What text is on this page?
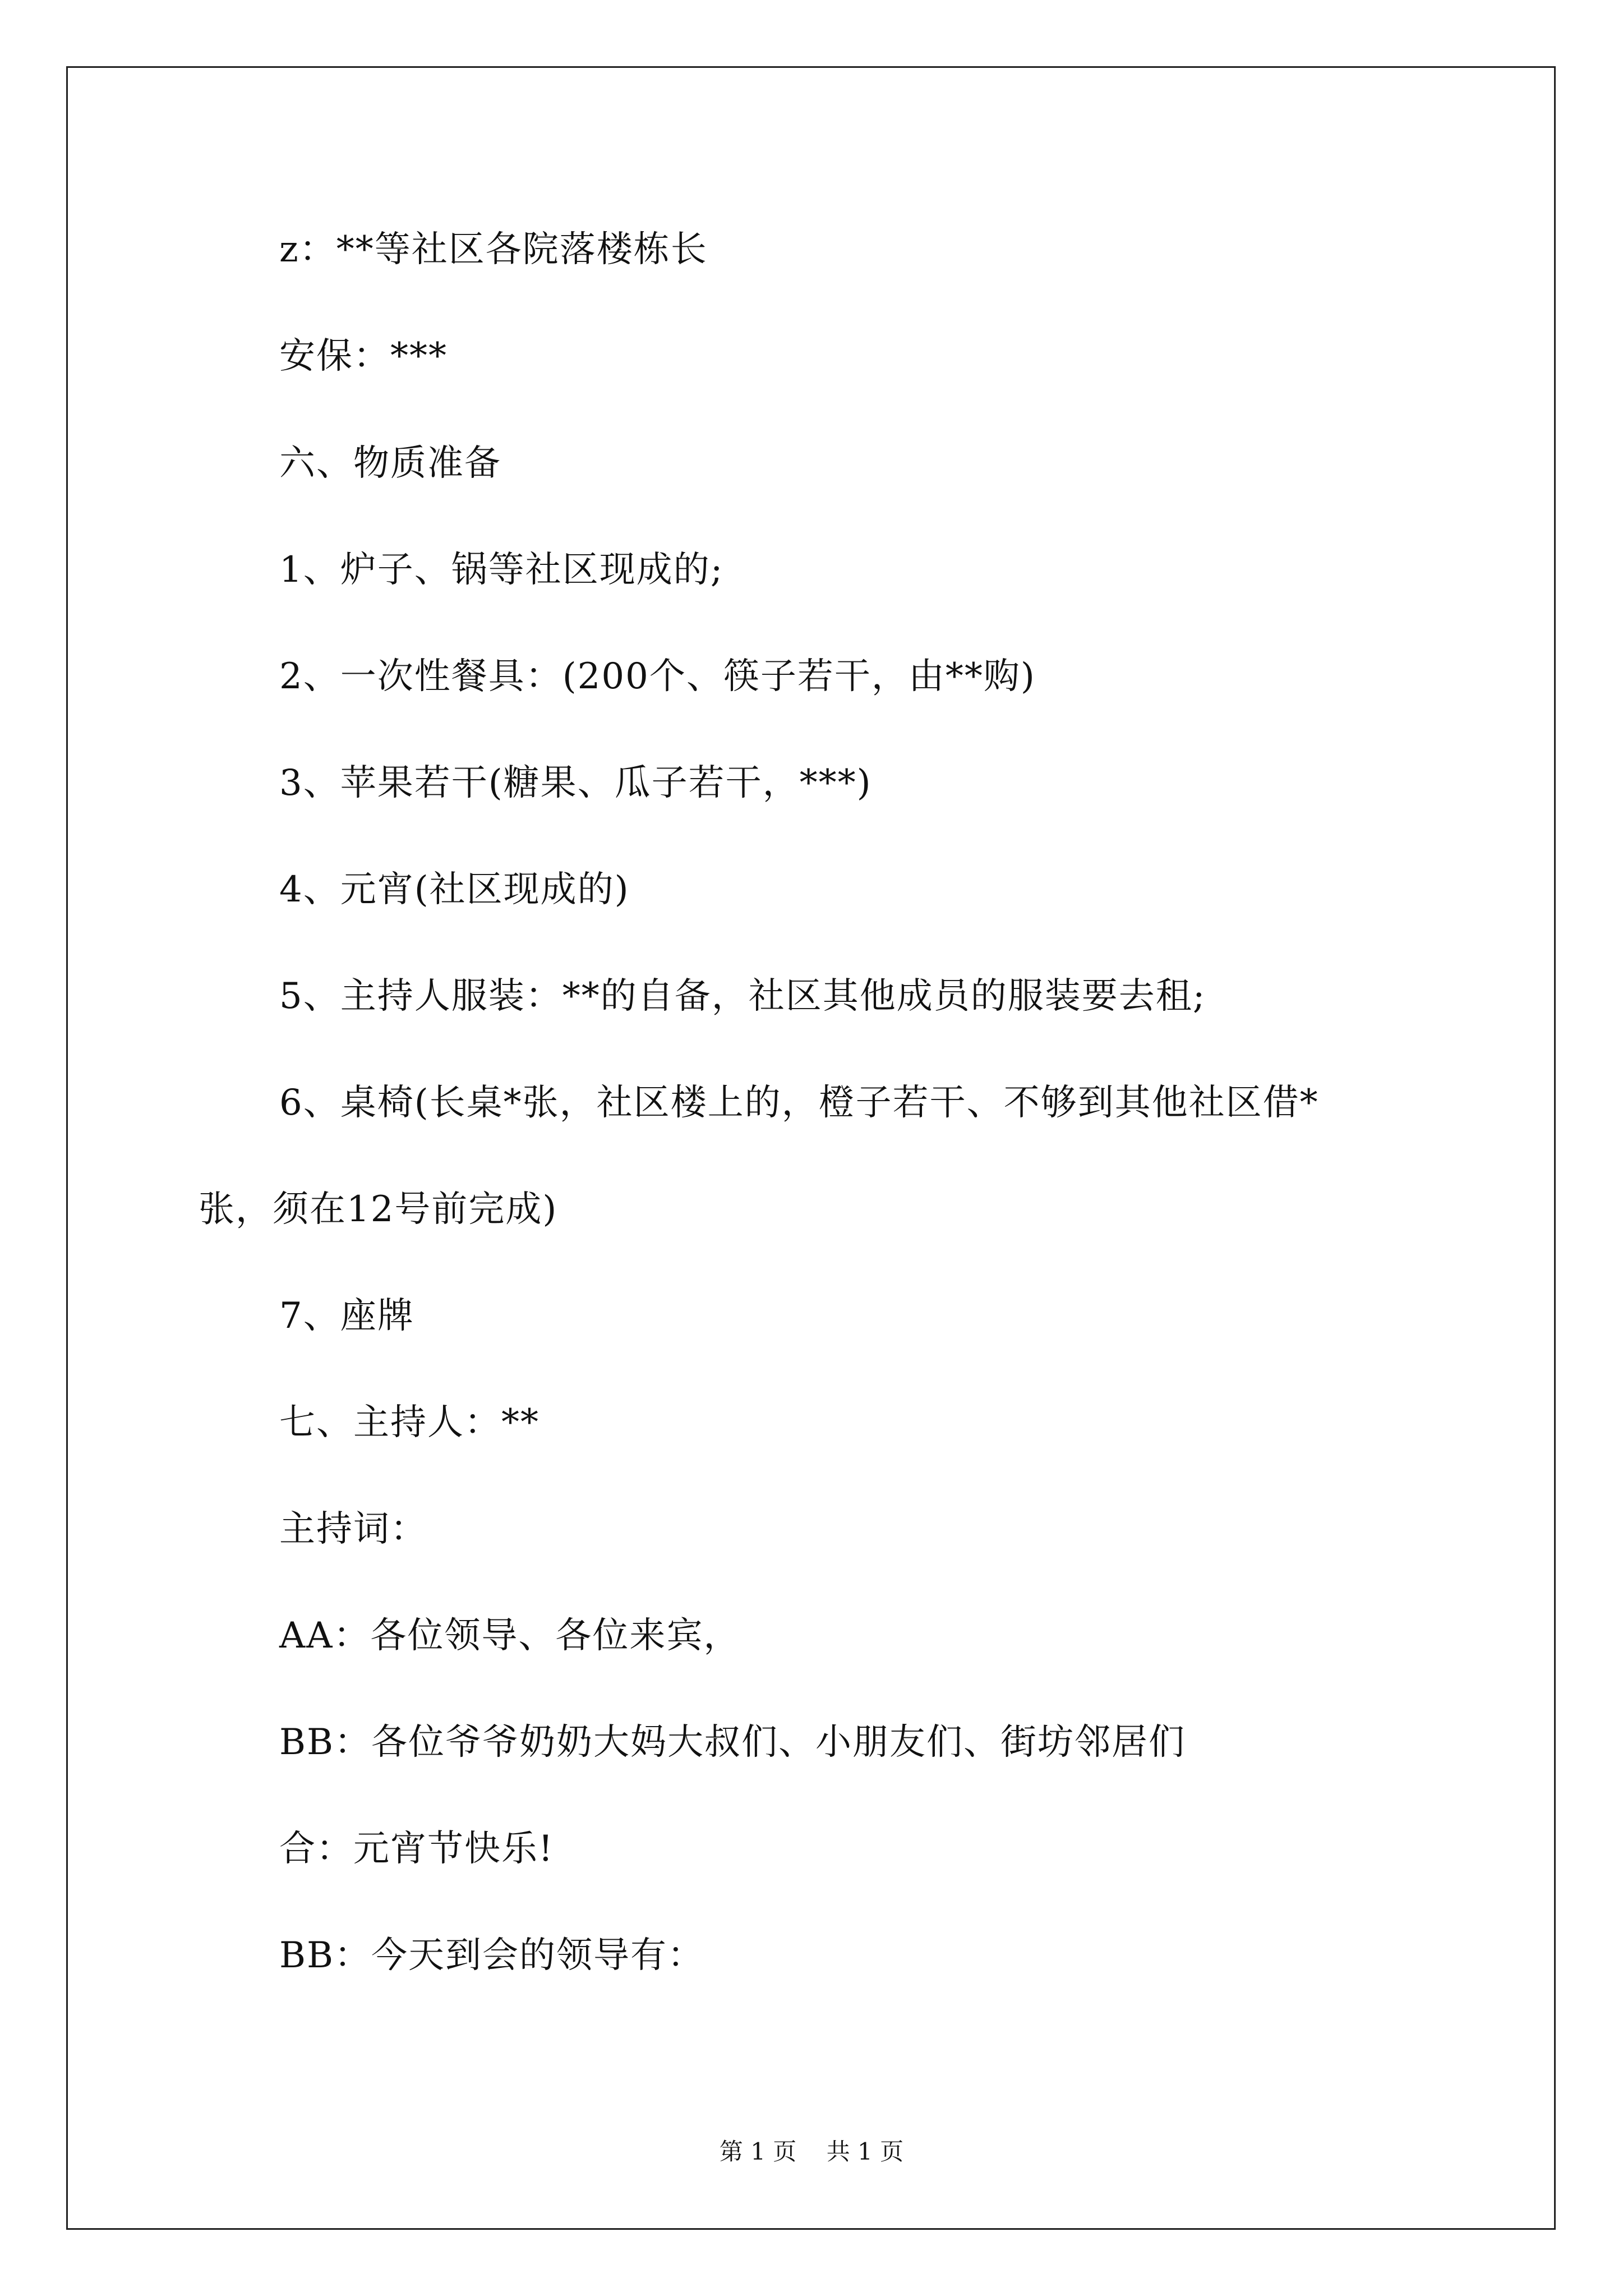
z：**等社区各院落楼栋长
安保：***
六、物质准备
1、炉子、锅等社区现成的;
2、一次性餐具：(200个、筷子若干，由**购)
3、苹果若干(糖果、瓜子若干，***)
4、元宵(社区现成的)
5、主持人服装：**的自备，社区其他成员的服装要去租;
6、桌椅(长桌*张，社区楼上的，橙子若干、不够到其他社区借*
张，须在12号前完成)
7、座牌
七、主持人：**
主持词：
AA：各位领导、各位来宾，
BB：各位爷爷奶奶大妈大叔们、小朋友们、街坊邻居们
合：元宵节快乐!
BB：今天到会的领导有：
第 1 页    共 1 页
